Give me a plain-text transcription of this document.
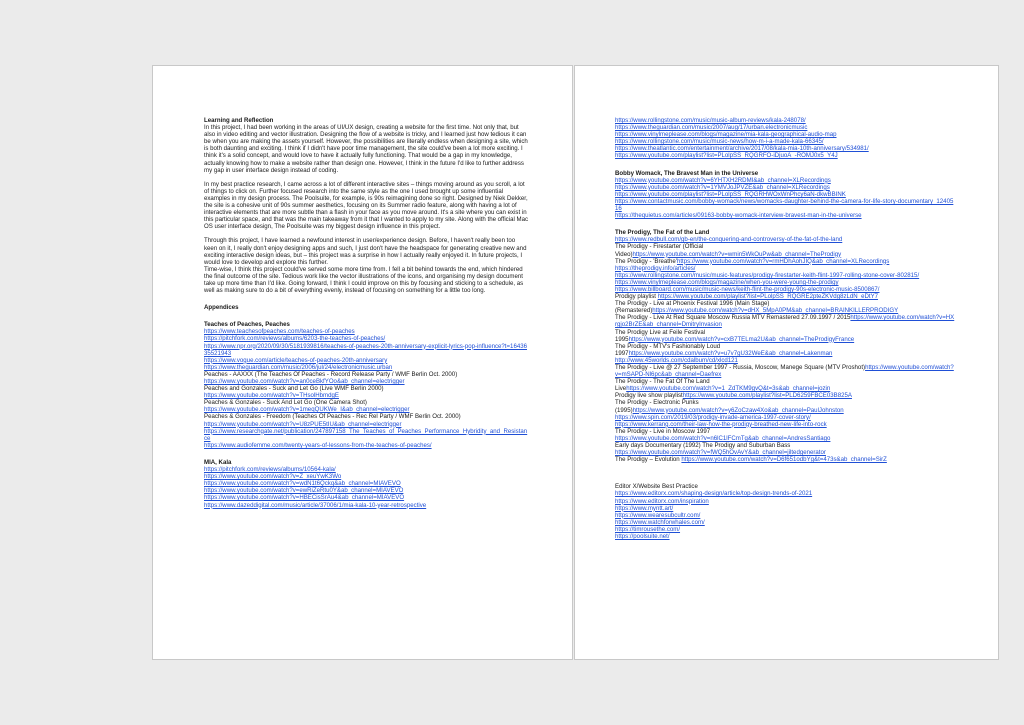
Learning and Reflection

In this project, I had been working in the areas of UI/UX design, creating a website for the first time. Not only that, but also in video editing and vector illustration. Designing the flow of a website is tricky, and I learned just how tedious it can be when you are making the assets yourself. However, the possibilities are literally endless when designing a site, which is both daunting and exciting. I think if I didn't have poor time management, the site could've been a lot more exciting. I think it's a solid concept, and would love to have it actually fully functioning. That would be a gap in my knowledge, actually knowing how to make a website rather than design one. However, I think in the future I'd like to further address my gap in user interface design instead of coding.

In my best practice research, I came across a lot of different interactive sites – things moving around as you scroll, a lot of things to click on. Further focused research into the same style as the one I used brought up some influential examples in my design process. The Poolsuite, for example, is 90s reimagining done so right. Designed by Niek Dekker, the site is a cohesive unit of 90s summer aesthetics, focusing on its Summer radio feature, along with having a lot of interactive elements that are more subtle than a flash in your face as you move around. It's a site where you can exist in this particular space, and that was the main takeaway from it that I wanted to apply to my site. Along with the official Mac OS user interface design, The Poolsuite was my biggest design influence in this project.

Through this project, I have learned a newfound interest in user/experience design. Before, I haven't really been too keen on it, I really don't enjoy designing apps and such, I just don't have the headspace for generating creative new and exciting interactive design ideas, but – this project was a surprise in how I actually really enjoyed it. In future projects, I would love to develop and explore this further.

Time-wise, I think this project could've served some more time from. I fell a bit behind towards the end, which hindered the final outcome of the site. Tedious work like the vector illustrations of the icons, and organising my design document take up more time than I'd like. Going forward, I think I could improve on this by focusing and sticking to a schedule, as well as making sure to do a bit of everything evenly, instead of focusing on something for a little too long.

Appendices
Teaches of Peaches, Peaches
https://www.teachesofpeaches.com/teaches-of-peaches
https://pitchfork.com/reviews/albums/6203-the-teaches-of-peaches/
https://www.npr.org/2020/09/30/5181939816/teaches-of-peaches-20th-anniversary-explicit-lyrics-pop-influence?t=1643635521943
https://www.vogue.com/article/teaches-of-peaches-20th-anniversary
https://www.theguardian.com/music/2006/jul/24/electronicmusic.urban
Peaches - AAXXX (The Teaches Of Peaches - Record Release Party / WMF Berlin Oct. 2000)
https://www.youtube.com/watch?v=an0ceBkfYOo&ab_channel=electrigger
Peaches and Gonzales - Suck and Let Go (Live WMF Berlin 2000)
https://www.youtube.com/watch?v=THsolHbmdgE
Peaches & Gonzales - Suck And Let Go (One Camera Shot)
https://www.youtube.com/watch?v=1meqQUKWe_I&ab_channel=electrigger
Peaches & Gonzales - Freedom (Teaches Of Peaches - Rec Rel Party / WMF Berlin Oct. 2000)
https://www.youtube.com/watch?v=U8zPUE5tIU&ab_channel=electrigger
https://www.researchgate.net/publication/247897158_The_Teaches_of_Peaches_Performance_Hybridity_and_Resistance
https://www.audiofemme.com/twenty-years-of-lessons-from-the-teaches-of-peaches/
MIA, Kala
https://pitchfork.com/reviews/albums/10564-kala/
https://www.youtube.com/watch?v=Z_xeuYwK3Wo
https://www.youtube.com/watch?v=wdN1t6Qckq&ab_channel=MIAVEVO
https://www.youtube.com/watch?v=ewRiZeRtu0Y&ab_channel=MIAVEVO
https://www.youtube.com/watch?v=HBECisSrAu4&ab_channel=MIAVEVO
https://www.dazeddigital.com/music/article/37006/1/mia-kala-10-year-retrospective
https://www.rollingstone.com/music/music-album-reviews/kala-248078/
https://www.theguardian.com/music/2007/aug/17/urban.electronicmusic
https://www.vinylmeplease.com/blogs/magazine/mia-kala-geographical-audio-map
https://www.rollingstone.com/music/music-news/how-m-i-a-made-kala-66345/
https://www.theatlantic.com/entertainment/archive/2017/08/kala-mia-10th-anniversary/534981/
https://www.youtube.com/playlist?list=PLolpSS_RQGRFO-iDjuoA_-ROMJ0x5_Y4J
Bobby Womack, The Bravest Man in the Universe
https://www.youtube.com/watch?v=6YHTXH2RDMI&ab_channel=XLRecordings
https://www.youtube.com/watch?v=1YMVJoJPVZE&ab_channel=XLRecordings
https://www.youtube.com/playlist?list=PLolpSS_RQGRHWOxWnPhcy6aN-dkwBBINK
https://www.contactmusic.com/bobby-womack/news/womacks-daughter-behind-the-camera-for-life-story-documentary_1240516
https://thequietus.com/articles/09163-bobby-womack-interview-bravest-man-in-the-universe
The Prodigy, The Fat of the Land
https://www.redbull.com/gb-en/the-conquering-and-controversy-of-the-fat-of-the-land
The Prodigy - Firestarter (Official
Video)https://www.youtube.com/watch?v=wmin5WkOuPw&ab_channel=TheProdigy
The Prodigy - 'Breathe'https://www.youtube.com/watch?v=rmHDhAohJIQ&ab_channel=XLRecordings
https://theprodigy.info/articles/
https://www.rollingstone.com/music/music-features/prodigy-firestarter-keith-flint-1997-rolling-stone-cover-802815/
https://www.vinylmeplease.com/blogs/magazine/when-you-were-young-the-prodigy
https://www.billboard.com/music/music-news/keith-flint-the-prodigy-90s-electronic-music-8500867/
Prodigy playlist https://www.youtube.com/playlist?list=PLolpSS_RQGRE2pteZKVdg8zLdN_eDtY7
The Prodigy - Live at Phoenix Festival 1996 (Main Stage)
(Remastered)https://www.youtube.com/watch?v=dHX_5MpA0PM&ab_channel=BRAINKILLERPRODIGY
The Prodigy - Live At Red Square Moscow Russia MTV Remastered 27.09.1997 / 2015https://www.youtube.com/watch?v=HXrgjo2BrZE&ab_channel=DmitryInvasion
The Prodigy Live at Feile Festival
1995https://www.youtube.com/watch?v=cxB7TELma2U&ab_channel=TheProdigyFrance
The Prodigy - MTV's Fashionably Loud
1997https://www.youtube.com/watch?v=u7v7gU32WeE&ab_channel=Lakenman
http://www.45worlds.com/cdalbum/cd/xlcd121
The Prodigy - Live @ 27 September 1997 - Russia, Moscow, Manege Square (MTV Proshot)https://www.youtube.com/watch?v=mSAPD-Nl6pc&ab_channel=Daefrex
The Prodigy - The Fat Of The Land
Livehttps://www.youtube.com/watch?v=1_ZdTKM9gvQ&t=3s&ab_channel=jozin
Prodigy live show playlisthttps://www.youtube.com/playlist?list=PLD6259FBCE03B825A
The Prodigy - Electronic Punks
(1995)https://www.youtube.com/watch?v=y6ZoCzaw4Xo&ab_channel=PaulJohnston
https://www.spin.com/2019/03/prodigy-invade-america-1997-cover-story/
https://www.kerrang.com/their-law-how-the-prodigy-breathed-new-life-into-rock
The Prodigy - Live in Moscow 1997
https://www.youtube.com/watch?v=n6lC1lFCmTg&ab_channel=AndresSantiago
Early days Documentary (1992) The Prodigy and Suburban Bass
https://www.youtube.com/watch?v=fWQ5hOvAvY&ab_channel=jiltedgenerator
The Prodigy – Evolution https://www.youtube.com/watch?v=D6f651odbYg&t=473s&ab_channel=SirZ
Editor X/Website Best Practice
https://www.editorx.com/shaping-design/article/top-design-trends-of-2021
https://www.editorx.com/inspiration
https://www.myntt.art/
https://www.wearesubcultr.com/
https://www.watchforwhales.com/
https://timrousethe.com/
https://poolsuite.net/
